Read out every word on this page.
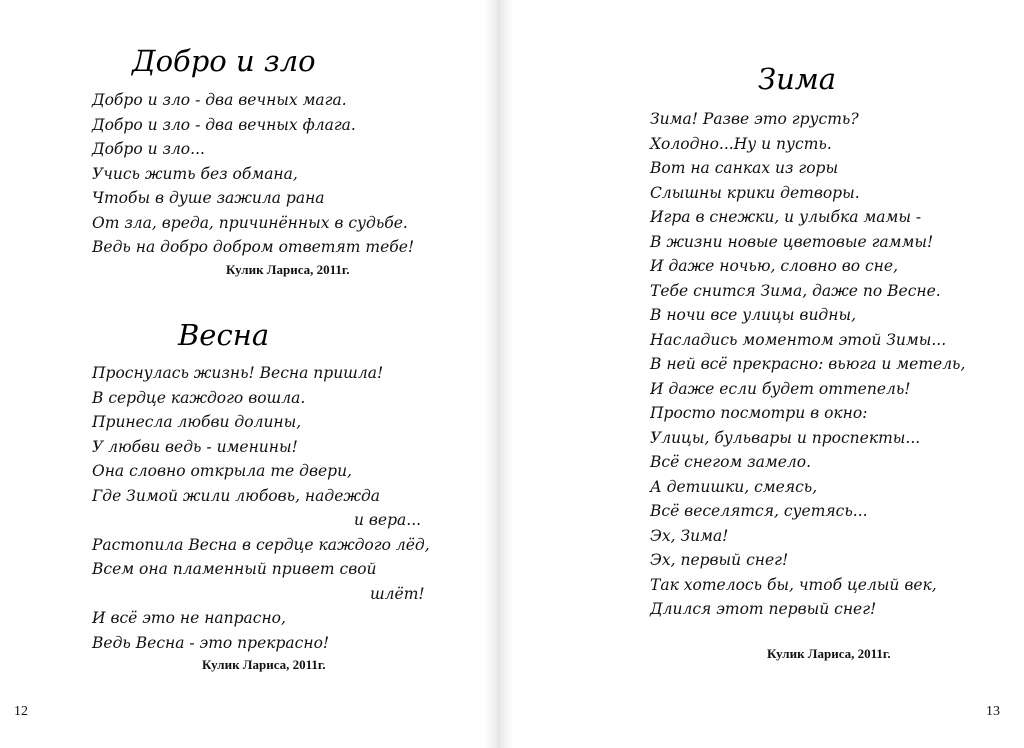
Добро и зло
Добро и зло - два вечных мага.
Добро и зло - два вечных флага.
Добро и зло...
Учись жить без обмана,
Чтобы в душе зажила рана
От зла, вреда, причинённых в судьбе.
Ведь на добро добром ответят тебе!
Кулик Лариса, 2011г.
Весна
Проснулась жизнь! Весна пришла!
В сердце каждого вошла.
Принесла любви долины,
У любви ведь - именины!
Она словно открыла те двери,
Где Зимой жили любовь, надежда
и вера...
Растопила Весна в сердце каждого лёд,
Всем она пламенный привет свой
шлёт!
И всё это не напрасно,
Ведь Весна - это прекрасно!
Кулик Лариса, 2011г.
12
Зима
Зима! Разве это грусть?
Холодно...Ну и пусть.
Вот на санках из горы
Слышны крики детворы.
Игра в снежки, и улыбка мамы -
В жизни новые цветовые гаммы!
И даже ночью, словно во сне,
Тебе снится Зима, даже по Весне.
В ночи все улицы видны,
Насладись моментом этой Зимы...
В ней всё прекрасно: вьюга и метель,
И даже если будет оттепель!
Просто посмотри в окно:
Улицы, бульвары и проспекты...
Всё снегом замело.
А детишки, смеясь,
Всё веселятся, суетясь...
Эх, Зима!
Эх, первый снег!
Так хотелось бы, чтоб целый век,
Длился этот первый снег!
Кулик Лариса, 2011г.
13
